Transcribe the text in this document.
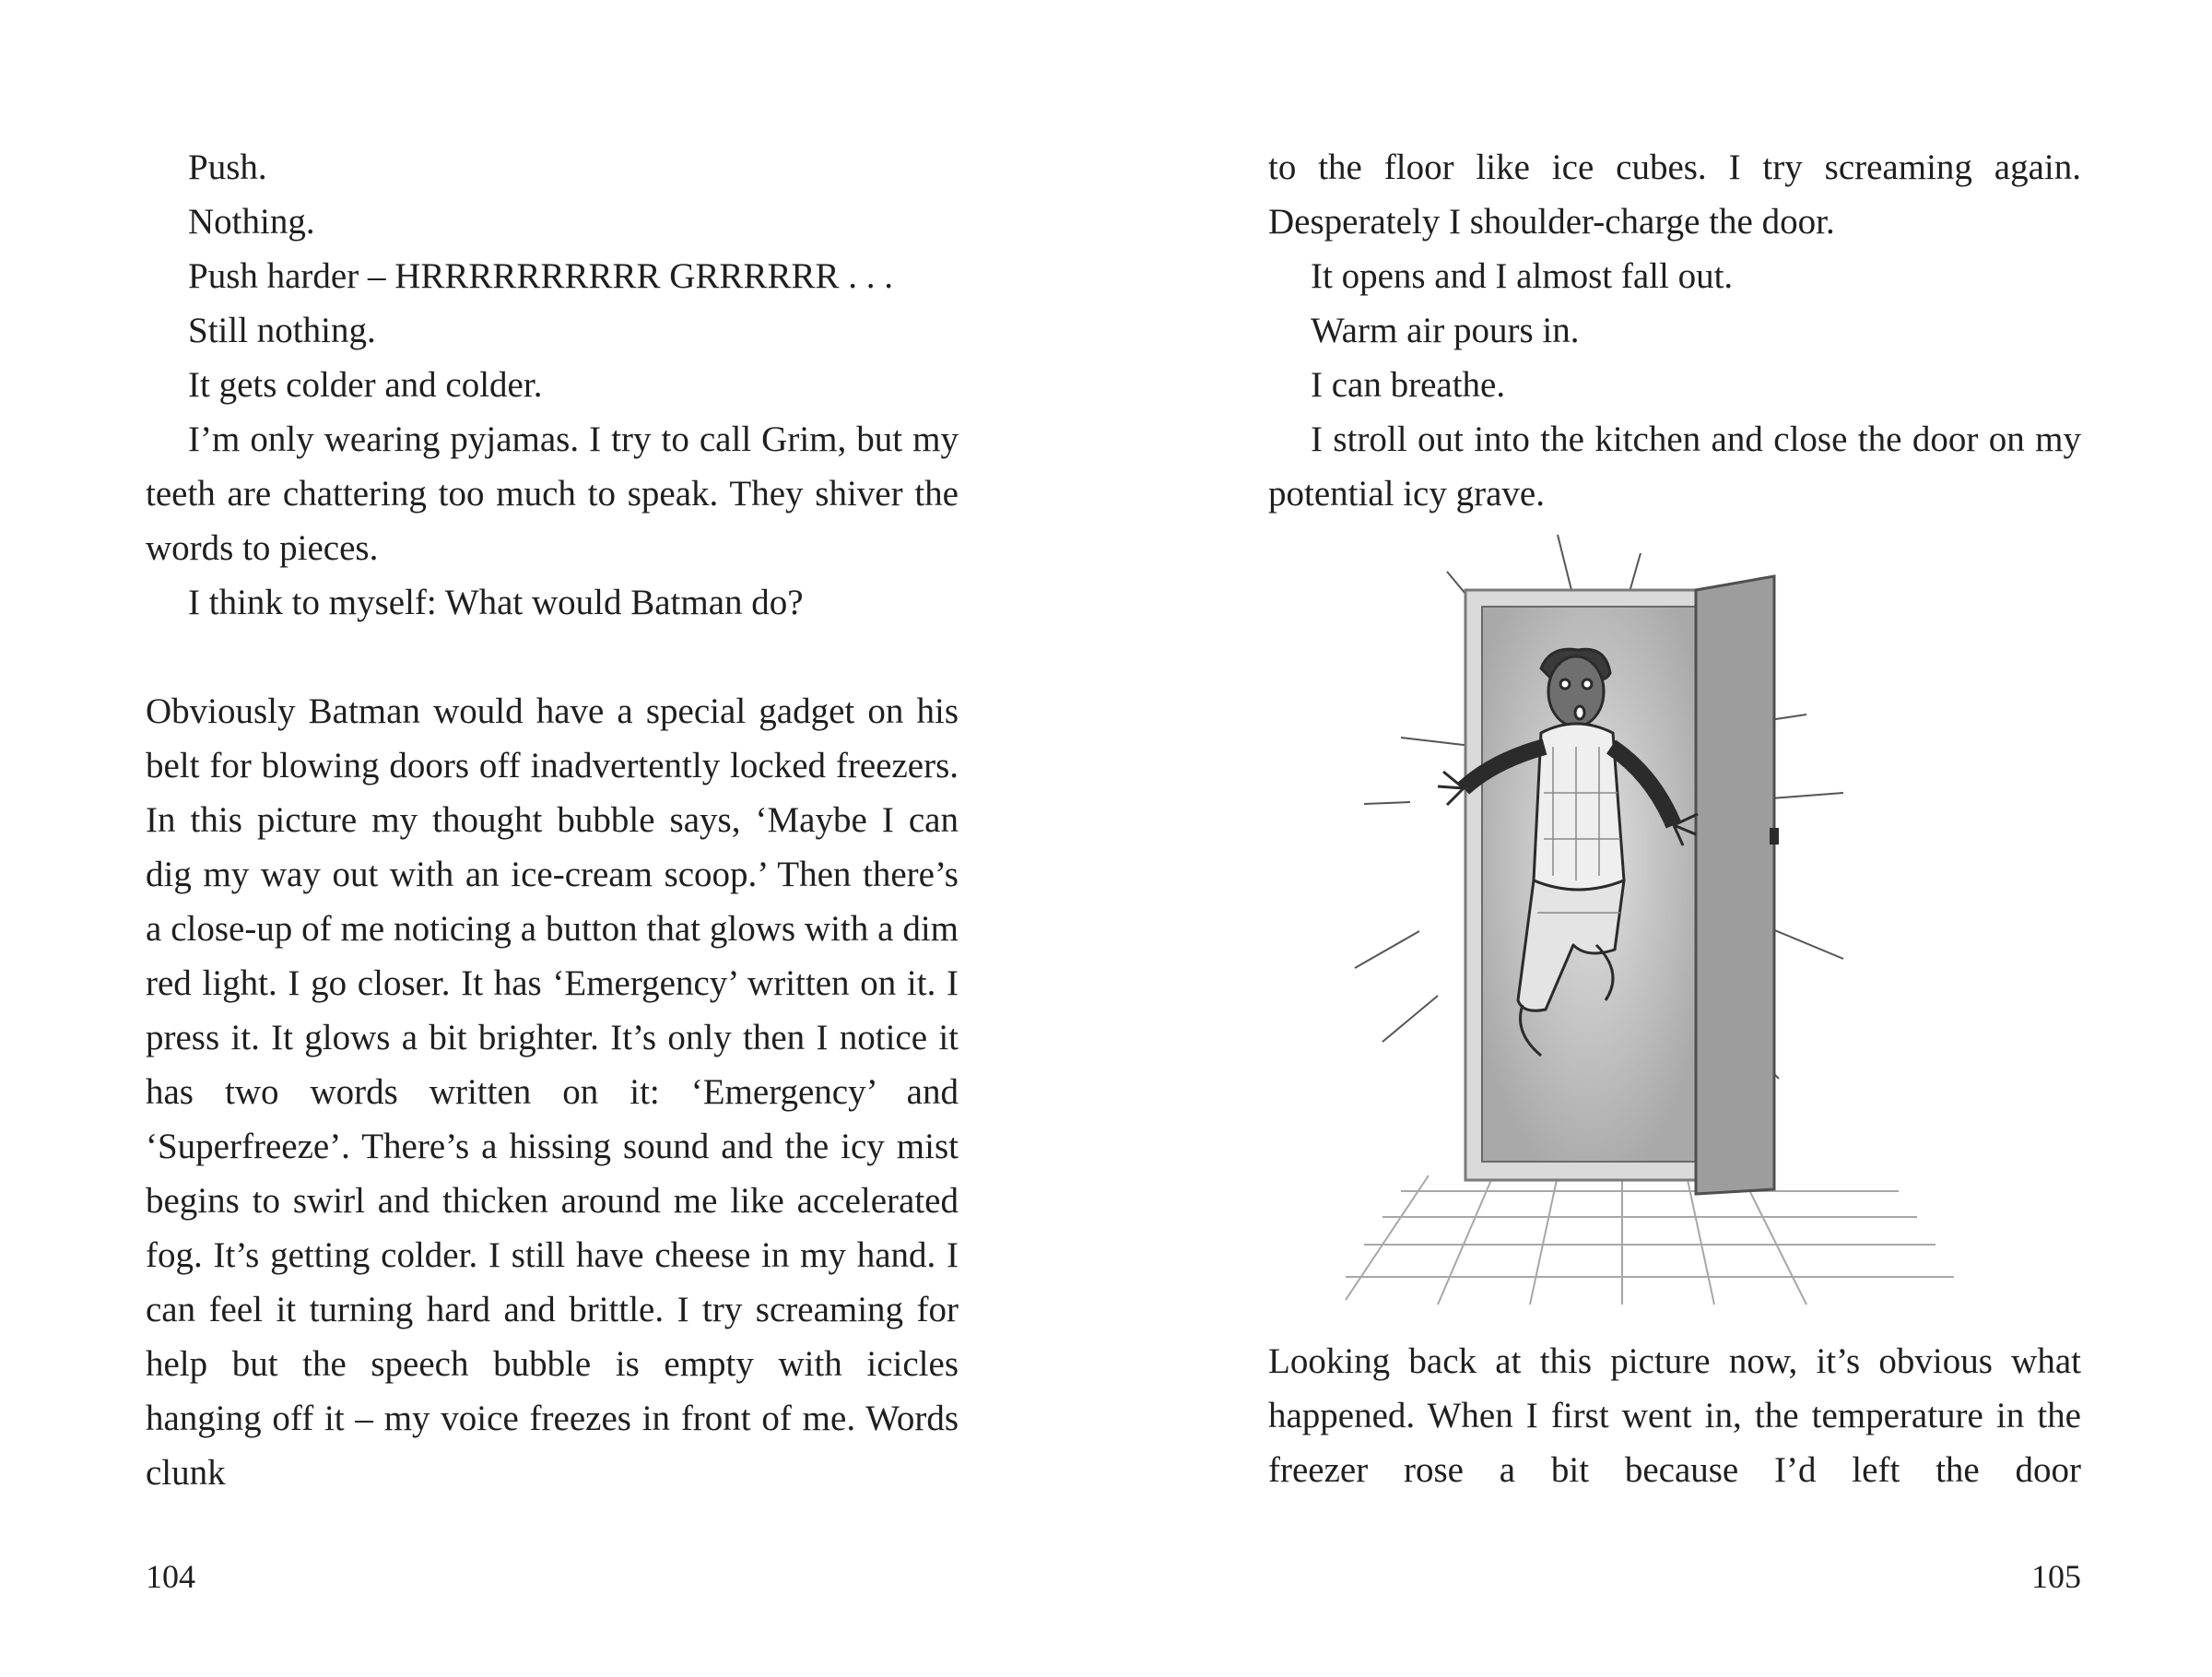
Push.

Nothing.

Push harder – HRRRRRRRRRR GRRRRRR . . .

Still nothing.

It gets colder and colder.

I’m only wearing pyjamas. I try to call Grim, but my teeth are chattering too much to speak. They shiver the words to pieces.

I think to myself: What would Batman do?

Obviously Batman would have a special gadget on his belt for blowing doors off inadvertently locked freezers. In this picture my thought bubble says, ‘Maybe I can dig my way out with an ice-cream scoop.’ Then there’s a close-up of me noticing a button that glows with a dim red light. I go closer. It has ‘Emergency’ written on it. I press it. It glows a bit brighter. It’s only then I notice it has two words written on it: ‘Emergency’ and ‘Superfreeze’. There’s a hissing sound and the icy mist begins to swirl and thicken around me like accelerated fog. It’s getting colder. I still have cheese in my hand. I can feel it turning hard and brittle. I try screaming for help but the speech bubble is empty with icicles hanging off it – my voice freezes in front of me. Words clunk

104

to the floor like ice cubes. I try screaming again. Desperately I shoulder-charge the door.

It opens and I almost fall out.

Warm air pours in.

I can breathe.

I stroll out into the kitchen and close the door on my potential icy grave.

Looking back at this picture now, it’s obvious what happened. When I first went in, the temperature in the freezer rose a bit because I’d left the door

105
